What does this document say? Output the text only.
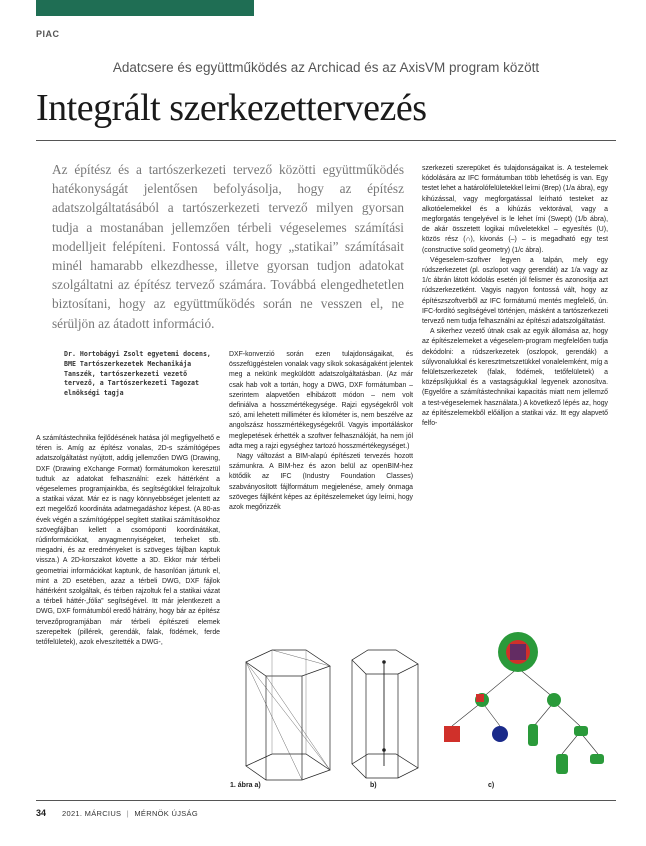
PIAC
Adatcsere és együttműködés az Archicad és az AxisVM program között
Integrált szerkezettervezés
Az építész és a tartószerkezeti tervező közötti együttműködés hatékonyságát jelentősen befolyásolja, hogy az építész adatszolgáltatásából a tartószerkezeti tervező milyen gyorsan tudja a mostanában jellemzően térbeli végeselemes számítási modelljeit felépíteni. Fontossá vált, hogy „statikai” számításait minél hamarabb elkezdhesse, illetve gyorsan tudjon adatokat szolgáltatni az építész tervező számára. Továbbá elengedhetetlen biztosítani, hogy az együttműködés során ne vesszen el, ne sérüljön az átadott információ.
Dr. Hortobágyi Zsolt egyetemi docens, BME Tartószerkezetek Mechanikája Tanszék, tartószerkezeti vezető tervező, a Tartószerkezeti Tagozat elnökségi tagja

A számítástechnika fejlődésének hatása jól megfigyelhető e téren is. Amíg az építész vonalas, 2D-s számítógépes adatszolgáltatást nyújtott, addig jellemzően DWG (Drawing, DXF (Drawing eXchange Format) formátumokon keresztül tudtuk az adatokat felhasználni: ezek háttérként a végeselemes programjainkba, és segítségükkel felrajzoltuk a statikai vázat. Már ez is nagy könnyebbséget jelentett az ezt megelőző koordináta adatmegadáshoz képest. (A 80-as évek végén a számítógéppel segített statikai számításokhoz szövegfájlban kellett a csomóponti koordinátákat, rúdinformációkat, anyagmennyiségeket, terheket stb. megadni, és az eredményeket is szöveges fájlban kaptuk vissza.) A 2D-korszakot követte a 3D. Ekkor már térbeli geometriai információkat kaptunk, de hasonlóan jártunk el, mint a 2D esetében, azaz a térbeli DWG, DXF fájlok háttérként szolgáltak, és térben rajzoltuk fel a statikai vázat a térbeli háttér-„fólia” segítségével. Itt már jelentkezett a DWG, DXF formátumból eredő hátrány, hogy bár az építész tervezőprogramjában már térbeli építészeti elemek szerepeltek (pillérek, gerendák, falak, födémek, ferde tetőfelületek), azok elveszítették a DWG-,

DXF-konverzió során ezen tulajdonságaikat, és összefüggéstelen vonalak vagy síkok sokaságaként jelentek meg a nekünk megküldött adatszolgáltatásban. (Az már csak hab volt a tortán, hogy a DWG, DXF formátumban – szerintem alapvetően elhibázott módon – nem volt definiálva a hosszmértékegysége. Rajzi egységekről volt szó, ami lehetett milliméter és kilométer is, nem beszélve az angolszász hosszmértékegységekről. Vagyis importáláskor meglepetések érhették a szoftver felhasználóját, ha nem jól adta meg a rajzi egységhez tartozó hosszmértékegységet.)

Nagy változást a BIM-alapú építészeti tervezés hozott számunkra. A BIM-hez és azon belül az openBIM-hez kötődik az IFC (Industry Foundation Classes) szabványosított fájlformátum megjelenése, amely önmaga szöveges fájlként képes az építészelemeket úgy leírni, hogy azok megőrizzék

szerkezeti szerepüket és tulajdonságaikat is. A testelemek kódolására az IFC formátumban több lehetőség is van. Egy testet lehet a határolófelületekkel leírni (Brep) (1/a ábra), egy kihúzással, vagy megforgatással leírható testeket az alkotóelemekkel és a kihúzás vektorával, vagy a megforgatás tengelyével is le lehet írni (Swept) (1/b ábra), de akár összetett logikai műveletekkel – egyesítés (U), közös rész (∩), kivonás (–) – is megadható egy test (constructive solid geometry) (1/c ábra).

Végeselem-szoftver legyen a talpán, mely egy rúdszerkezetet (pl. oszlopot vagy gerendát) az 1/a vagy az 1/c ábrán látott kódolás esetén jól felismer és azonosítja azt rúdszerkezetként. Vagyis nagyon fontossá vált, hogy az építészszoftverből az IFC formátumú mentés megfelelő, ún. IFC-fordító segítségével történjen, másként a tartószerkezeti tervező nem tudja felhasználni az építészi adatszolgáltatást.

A sikerhez vezető útnak csak az egyik állomása az, hogy az építészelemeket a végeselem-program megfelelően tudja dekódolni: a rúdszerkezetek (oszlopok, gerendák) a súlyvonalukkal és keresztmetszetükkel vonalelemként, míg a felületszerkezetek (falak, födémek, tetőfelületek) a középsíkjukkal és a vastagságukkal legyenek azonosítva. (Egyelőre a számítástechnikai kapacitás miatt nem jellemző a test-végeselemek használata.) A következő lépés az, hogy az építészelemekből előálljon a statikai váz. Itt egy alapvető felfo-

1. ábra a)	b)	c)
34 2021. MÁRCIUS | MÉRNÖK ÚJSÁG
